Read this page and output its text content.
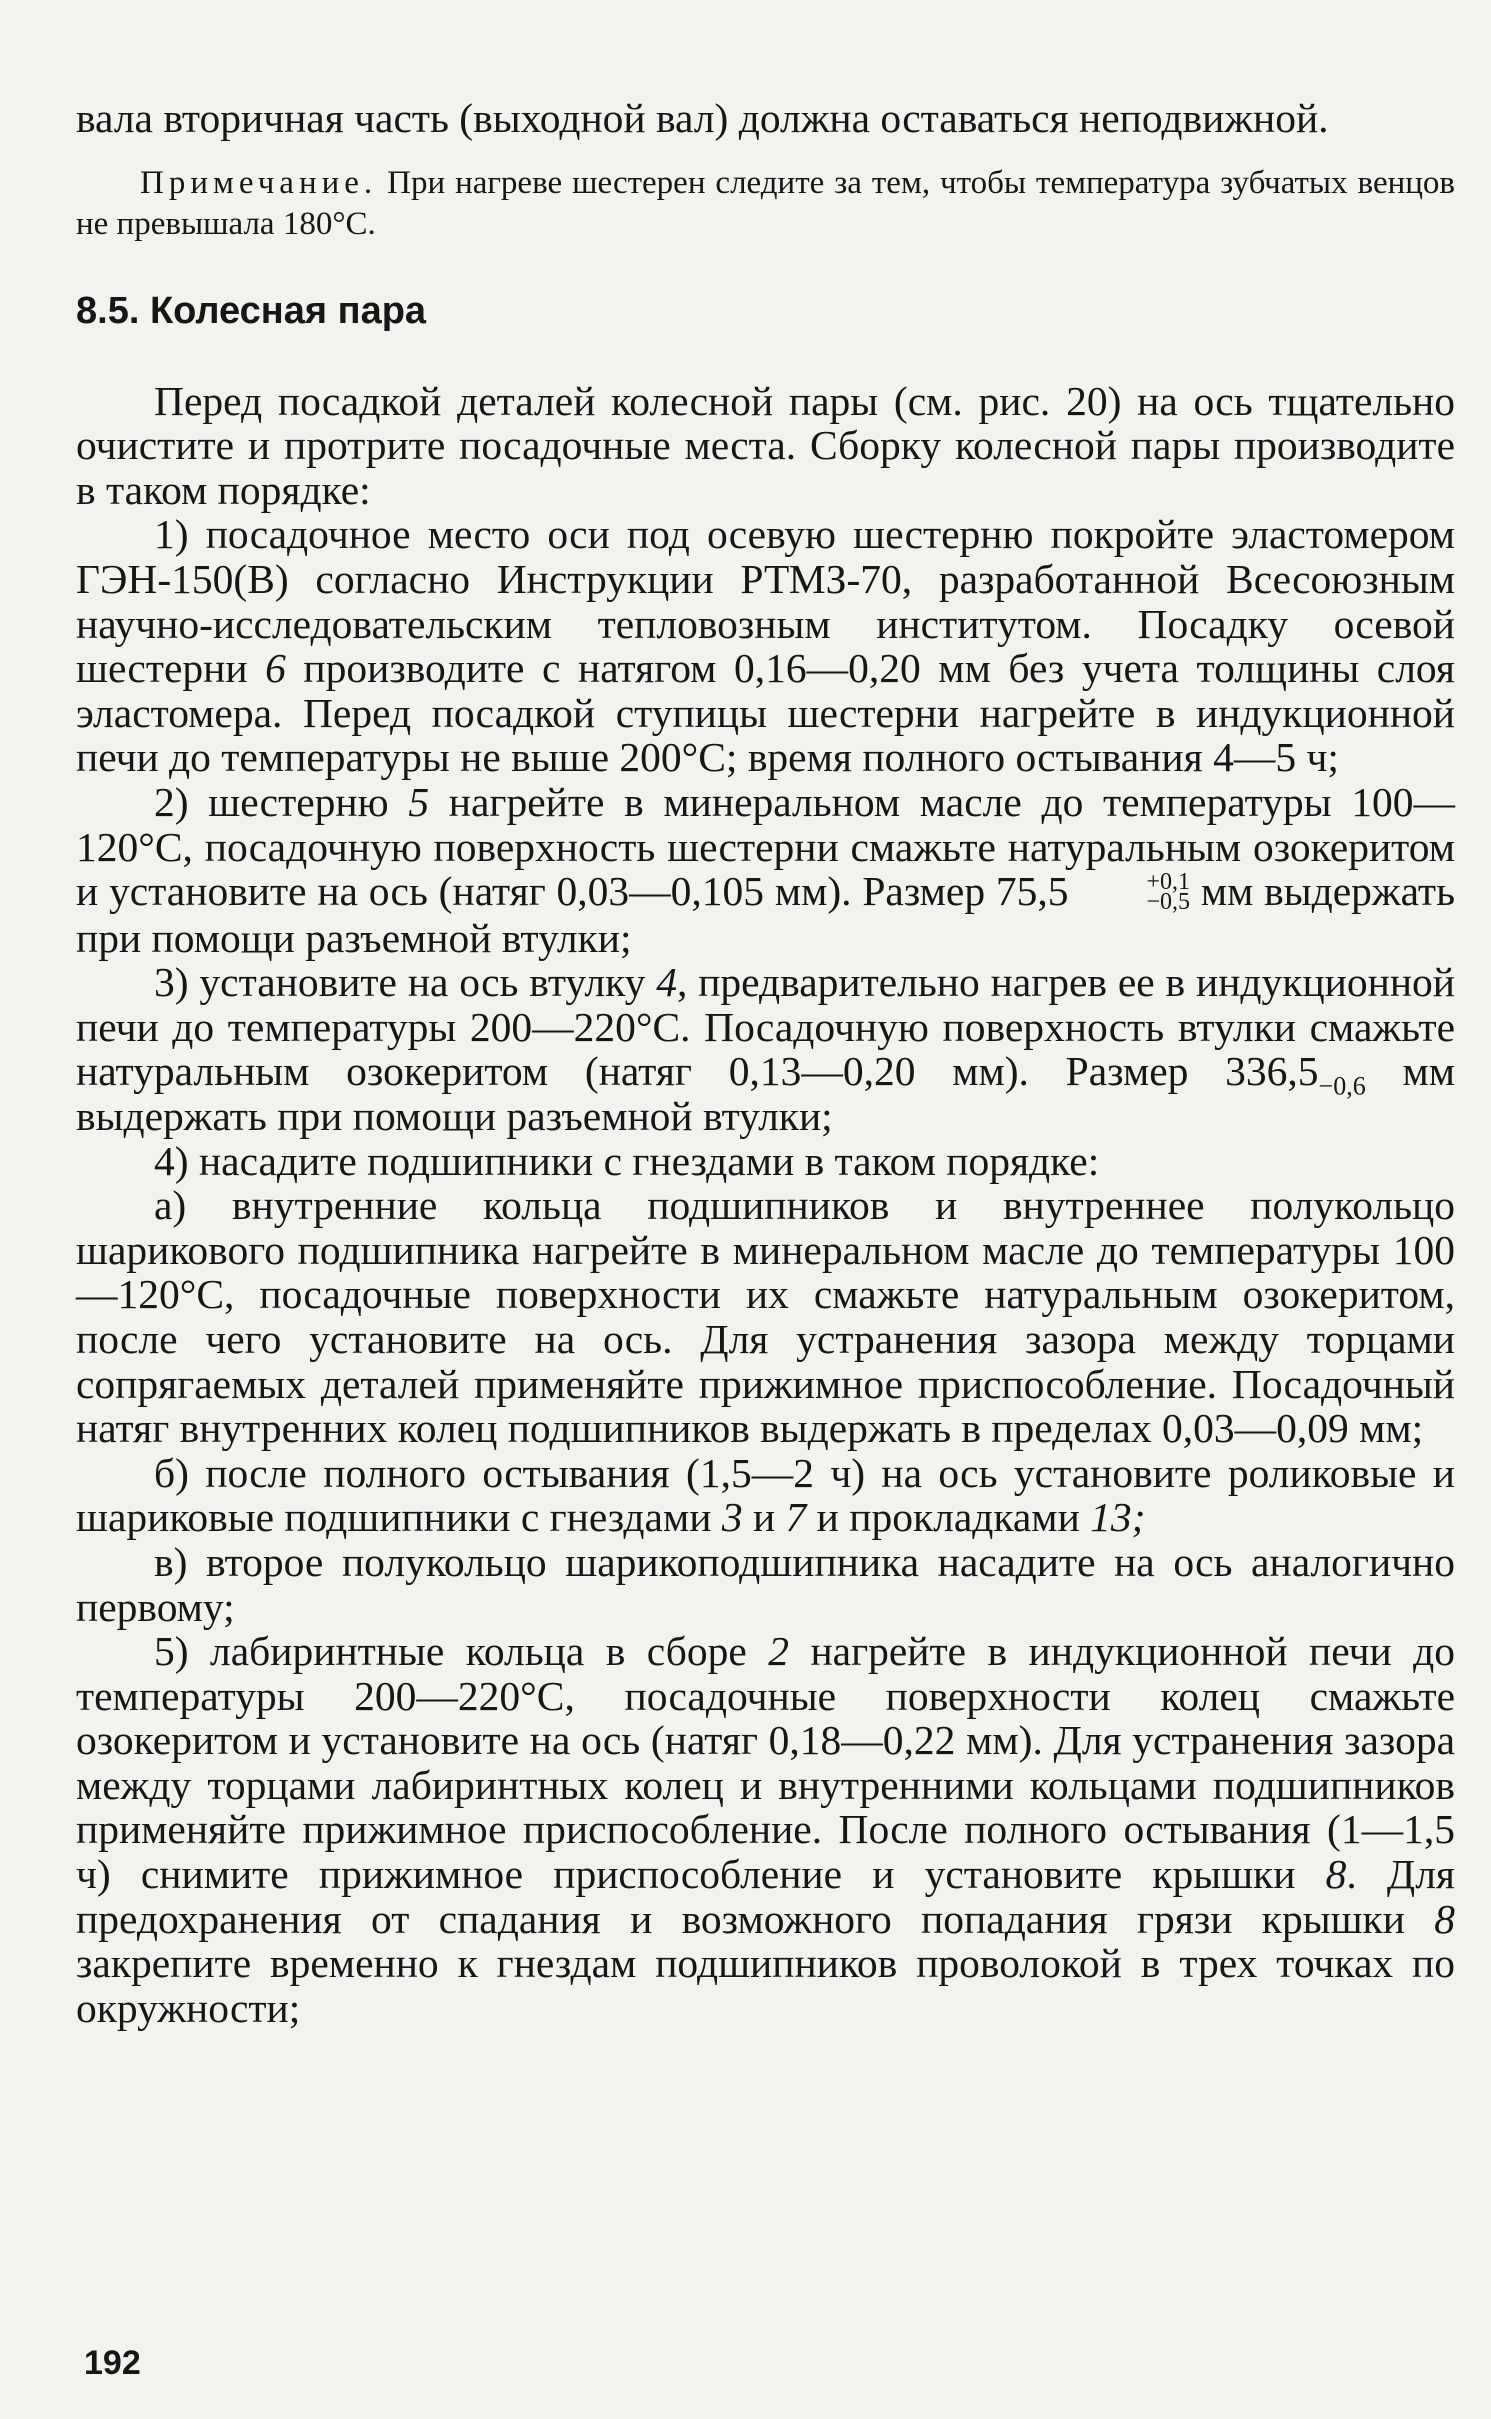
вала вторичная часть (выходной вал) должна оставаться неподвижной.

Примечание. При нагреве шестерен следите за тем, чтобы температура зубчатых венцов не превышала 180°С.

8.5. Колесная пара

Перед посадкой деталей колесной пары (см. рис. 20) на ось тщательно очистите и протрите посадочные места. Сборку колесной пары производите в таком порядке:

1) посадочное место оси под осевую шестерню покройте эластомером ГЭН-150(В) согласно Инструкции РТМЗ-70, разработанной Всесоюзным научно-исследовательским тепловозным институтом. Посадку осевой шестерни 6 производите с натягом 0,16—0,20 мм без учета толщины слоя эластомера. Перед посадкой ступицы шестерни нагрейте в индукционной печи до температуры не выше 200°С; время полного остывания 4—5 ч;

2) шестерню 5 нагрейте в минеральном масле до температуры 100—120°С, посадочную поверхность шестерни смажьте натуральным озокеритом и установите на ось (натяг 0,03—0,105 мм). Размер 75,5	+0,1
−0,5 мм выдержать при помощи разъемной втулки;

3) установите на ось втулку 4, предварительно нагрев ее в индукционной печи до температуры 200—220°С. Посадочную поверхность втулки смажьте натуральным озокеритом (натяг 0,13—0,20 мм). Размер $336,5_{-0,6}$ мм выдержать при помощи разъемной втулки;

4) насадите подшипники с гнездами в таком порядке:

а) внутренние кольца подшипников и внутреннее полукольцо шарикового подшипника нагрейте в минеральном масле до температуры 100—120°С, посадочные поверхности их смажьте натуральным озокеритом, после чего установите на ось. Для устранения зазора между торцами сопрягаемых деталей применяйте прижимное приспособление. Посадочный натяг внутренних колец подшипников выдержать в пределах 0,03—0,09 мм;

б) после полного остывания (1,5—2 ч) на ось установите роликовые и шариковые подшипники с гнездами 3 и 7 и прокладками 13;

в) второе полукольцо шарикоподшипника насадите на ось аналогично первому;

5) лабиринтные кольца в сборе 2 нагрейте в индукционной печи до температуры 200—220°С, посадочные поверхности колец смажьте озокеритом и установите на ось (натяг 0,18—0,22 мм). Для устранения зазора между торцами лабиринтных колец и внутренними кольцами подшипников применяйте прижимное приспособление. После полного остывания (1—1,5 ч) снимите прижимное приспособление и установите крышки 8. Для предохранения от спадания и возможного попадания грязи крышки 8 закрепите временно к гнездам подшипников проволокой в трех точках по окружности;

192
